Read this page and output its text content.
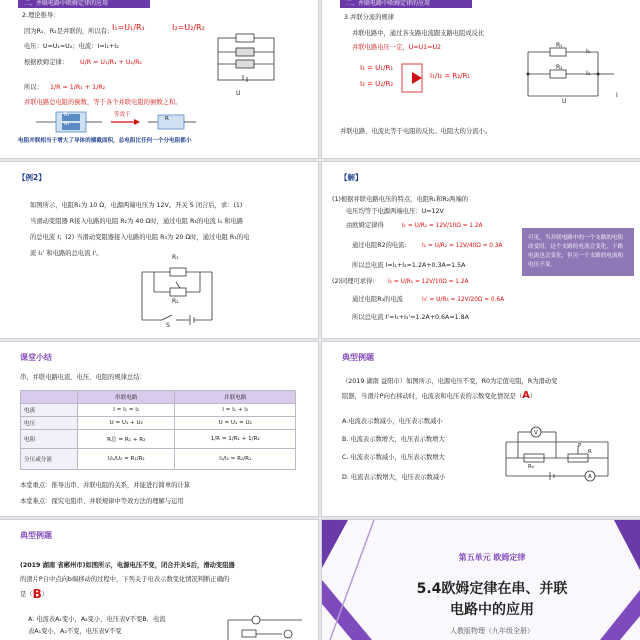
二、并联电路中欧姆定律的应用
2.理论推导：
因为R₁、R₂是并联的，所以有: I₁=U₁/R₁	I₂=U₂/R₂
电压：U=U₁=U₂；电流：I=I₁+I₂
根据欧姆定律： U/R = U₁/R₁ + U₂/R₂
所以： 1/R = 1/R₁ + 1/R₂
并联电路总电阻的倒数，等于各个并联电阻的倒数之和。
U
R₁
R₂
等效于
R
电阻并联相当于增大了导体的横截面积，总电阻比任何一个分电阻都小
二、并联电路中欧姆定律的应用
3.并联分流的规律
并联电路中，通过各支路电流跟支路电阻成反比
并联电路电压一定，U=U1=U2
I₁ = U₁/R₁
I₂ = U₂/R₂
I₁/I₂ = R₂/R₁
R₁
R₂
I₁
I₂
I
U
并联电路，电流比等于电阻的反比。电阻大的分流小。
【例2】
如图所示，电阻R₁为 10 Ω，电源两端电压为 12V。开关 S 闭合后，求：(1)
当滑动变阻器 R接入电路的电阻 R₂为 40 Ω时，通过电阻 R₁的电流 I₁ 和电路
的总电流 I；(2) 当滑动变阻器接入电路的电阻 R₃为 20 Ω时，通过电阻 R₁的电
流 I₁' 和电路的总电流 I'。
R₁
R₂
S
【解】
(1)根据并联电路电压的特点，电阻R₁和R₂两端的
电压均等于电源两端电压：U=12V
由欧姆定律得	I₁ = U/R₁ = 12V/10Ω = 1.2A
通过电阻R2的电流:	I₂ = U/R₂ = 12V/40Ω = 0.3A
所以总电流 I=I₁+I₂=1.2A+0.3A=1.5A
(2)同理可求得: I₁ = U/R₁ = 12V/10Ω = 1.2A
通过电阻R₃的电流	I₃' = U/R₃ = 12V/20Ω = 0.6A
所以总电流 I'=I₁+I₃'=1.2A+0.6A=1.8A
可见，当并联电路中的一个支路的电阻改变时，这个支路的电流会变化，干路电流也会变化，但另一个支路的电流和电压不变。
课堂小结
串、并联电路电流、电压、电阻的规律总结：
	串联电路	并联电路
电流	I = I₁ = I₂	I = I₁ + I₂
电压	U = U₁ + U₂	U = U₁ = U₂
电阻	R总 = R₁ + R₂	1/R = 1/R₁ + 1/R₂
分压或分流	U₁/U₂ = R₁/R₂	I₁/I₂ = R₂/R₁
本堂重点：推导出串、并联电阻的关系，并能进行简单的计算
本堂难点：探究电阻串、并联规律中等效方法的理解与运用
典型例题
（2019 湖南 益阳市）如图所示，电源电压不变，R0为定值电阻，R为滑动变
阻器，当滑片P向右移动时，电流表和电压表的示数变化情况是（A）
A.电流表示数减小，电压表示数减小
B. 电流表示数增大，电压表示数增大
C. 电流表示数减小，电压表示数增大
D. 电流表示数增大，电压表示数减小
V
A
R₀
R
P
典型例题
(2019 湖南 省郴州市)如图所示，电源电压不变，闭合开关S后，滑动变阻器
的滑片P自中点向b端移动的过程中，下列关于电表示数变化情况判断正确的
是（B）
A. 电流表A₁变小，A₂变小，电压表V不变B．电流
表A₁变小，A₂不变，电压表V不变
第五单元 欧姆定律
5.4欧姆定律在串、并联
电路中的应用
人教版物理（九年级全册）
